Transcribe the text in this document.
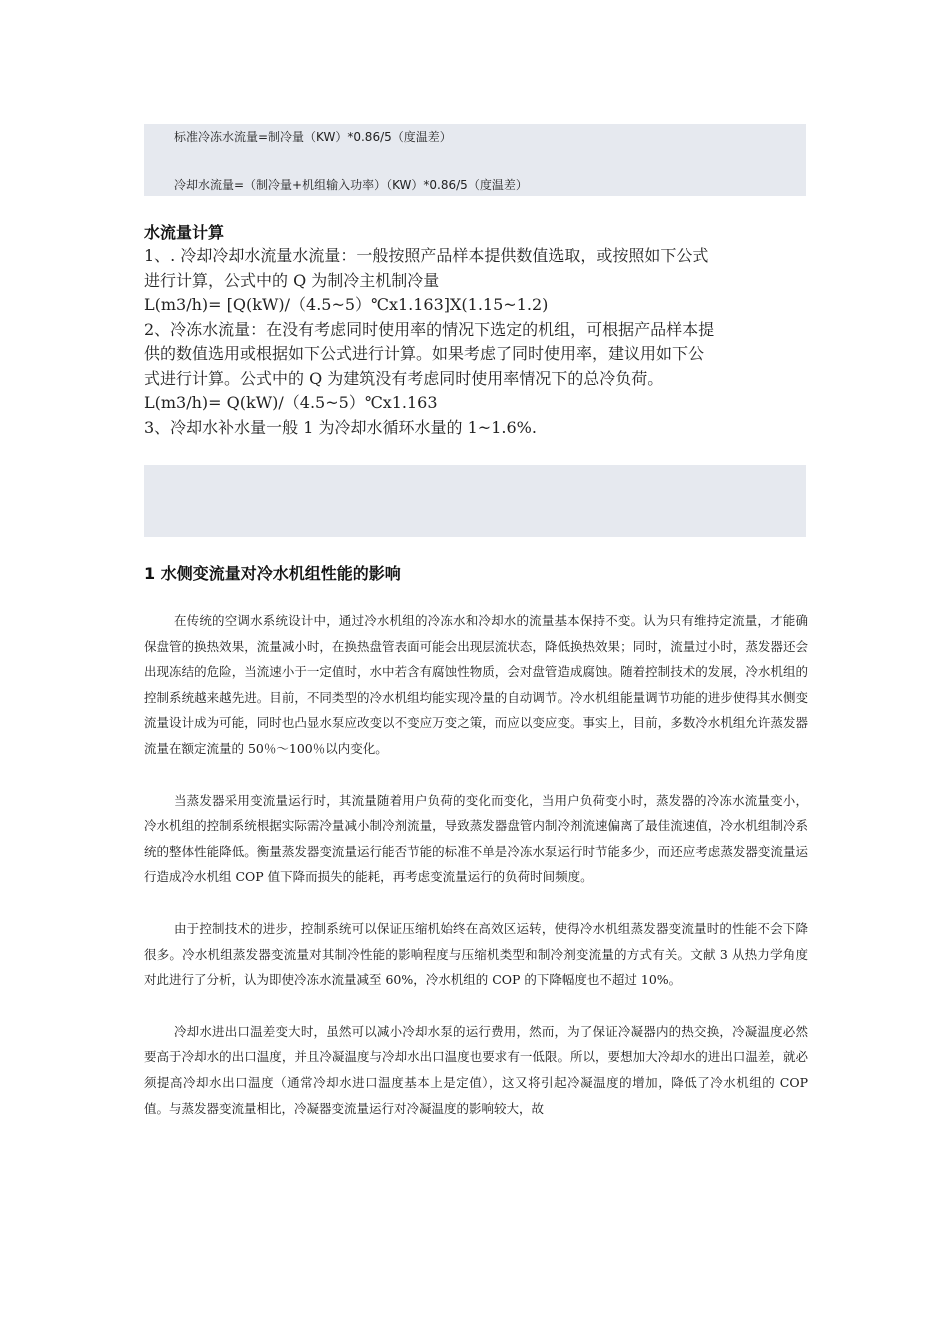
标准冷冻水流量=制冷量（KW）*0.86/5（度温差）
冷却水流量=（制冷量+机组输入功率）（KW）*0.86/5（度温差）

水流量计算

1、. 冷却冷却水流量水流量：一般按照产品样本提供数值选取，或按照如下公式

进行计算，公式中的 Q 为制冷主机制冷量

L(m3/h)= [Q(kW)/（4.5~5）℃x1.163]X(1.15~1.2)

2、冷冻水流量：在没有考虑同时使用率的情况下选定的机组，可根据产品样本提

供的数值选用或根据如下公式进行计算。如果考虑了同时使用率，建议用如下公

式进行计算。公式中的 Q 为建筑没有考虑同时使用率情况下的总冷负荷。

L(m3/h)= Q(kW)/（4.5~5）℃x1.163

3、冷却水补水量一般 1 为冷却水循环水量的 1~1.6%.

1 水侧变流量对冷水机组性能的影响

在传统的空调水系统设计中，通过冷水机组的冷冻水和冷却水的流量基本保持不变。认为只有维持定流量，才能确保盘管的换热效果，流量减小时，在换热盘管表面可能会出现层流状态，降低换热效果；同时，流量过小时，蒸发器还会出现冻结的危险，当流速小于一定值时，水中若含有腐蚀性物质，会对盘管造成腐蚀。随着控制技术的发展，冷水机组的控制系统越来越先进。目前，不同类型的冷水机组均能实现冷量的自动调节。冷水机组能量调节功能的进步使得其水侧变流量设计成为可能，同时也凸显水泵应改变以不变应万变之策，而应以变应变。事实上，目前，多数冷水机组允许蒸发器流量在额定流量的 50％～100％以内变化。

当蒸发器采用变流量运行时，其流量随着用户负荷的变化而变化，当用户负荷变小时，蒸发器的冷冻水流量变小，冷水机组的控制系统根据实际需冷量减小制冷剂流量，导致蒸发器盘管内制冷剂流速偏离了最佳流速值，冷水机组制冷系统的整体性能降低。衡量蒸发器变流量运行能否节能的标准不单是冷冻水泵运行时节能多少，而还应考虑蒸发器变流量运行造成冷水机组 COP 值下降而损失的能耗，再考虑变流量运行的负荷时间频度。

由于控制技术的进步，控制系统可以保证压缩机始终在高效区运转，使得冷水机组蒸发器变流量时的性能不会下降很多。冷水机组蒸发器变流量对其制冷性能的影响程度与压缩机类型和制冷剂变流量的方式有关。文献 3 从热力学角度对此进行了分析，认为即使冷冻水流量减至 60%，冷水机组的 COP 的下降幅度也不超过 10%。

冷却水进出口温差变大时，虽然可以减小冷却水泵的运行费用，然而，为了保证冷凝器内的热交换，冷凝温度必然要高于冷却水的出口温度，并且冷凝温度与冷却水出口温度也要求有一低限。所以，要想加大冷却水的进出口温差，就必须提高冷却水出口温度（通常冷却水进口温度基本上是定值），这又将引起冷凝温度的增加，降低了冷水机组的 COP 值。与蒸发器变流量相比，冷凝器变流量运行对冷凝温度的影响较大，故
